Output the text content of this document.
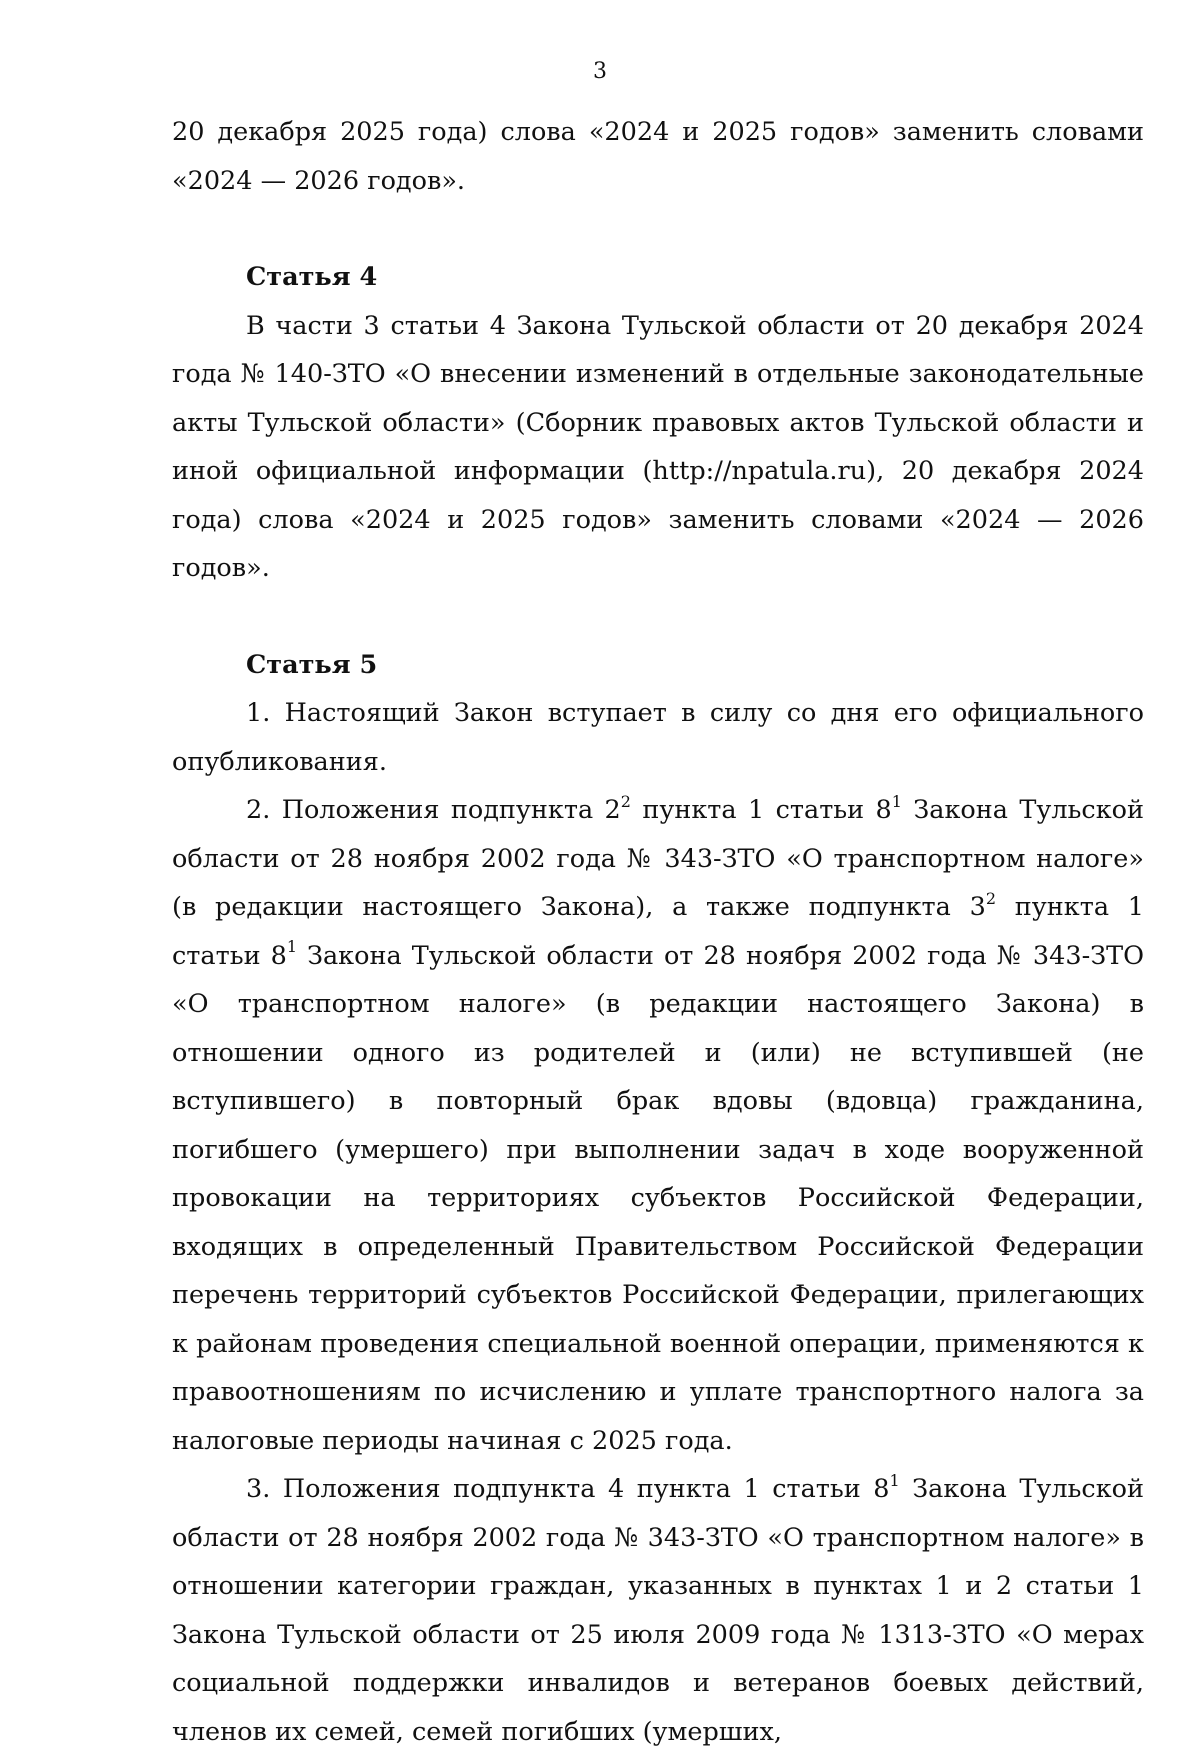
3

20 декабря 2025 года) слова «2024 и 2025 годов» заменить словами «2024 — 2026 годов».

Статья 4

В части 3 статьи 4 Закона Тульской области от 20 декабря 2024 года № 140-ЗТО «О внесении изменений в отдельные законодательные акты Тульской области» (Сборник правовых актов Тульской области и иной официальной информации (http://npatula.ru), 20 декабря 2024 года) слова «2024 и 2025 годов» заменить словами «2024 — 2026 годов».

Статья 5

1. Настоящий Закон вступает в силу со дня его официального опубликования.

2. Положения подпункта $2^2$ пункта 1 статьи $8^1$ Закона Тульской области от 28 ноября 2002 года № 343-ЗТО «О транспортном налоге» (в редакции настоящего Закона), а также подпункта $3^2$ пункта 1 статьи $8^1$ Закона Тульской области от 28 ноября 2002 года № 343-ЗТО «О транспортном налоге» (в редакции настоящего Закона) в отношении одного из родителей и (или) не вступившей (не вступившего) в повторный брак вдовы (вдовца) гражданина, погибшего (умершего) при выполнении задач в ходе вооруженной провокации на территориях субъектов Российской Федерации, входящих в определенный Правительством Российской Федерации перечень территорий субъектов Российской Федерации, прилегающих к районам проведения специальной военной операции, применяются к правоотношениям по исчислению и уплате транспортного налога за налоговые периоды начиная с 2025 года.

3. Положения подпункта 4 пункта 1 статьи $8^1$ Закона Тульской области от 28 ноября 2002 года № 343-ЗТО «О транспортном налоге» в отношении категории граждан, указанных в пунктах 1 и 2 статьи 1 Закона Тульской области от 25 июля 2009 года № 1313-ЗТО «О мерах социальной поддержки инвалидов и ветеранов боевых действий, членов их семей, семей погибших (умерших,
